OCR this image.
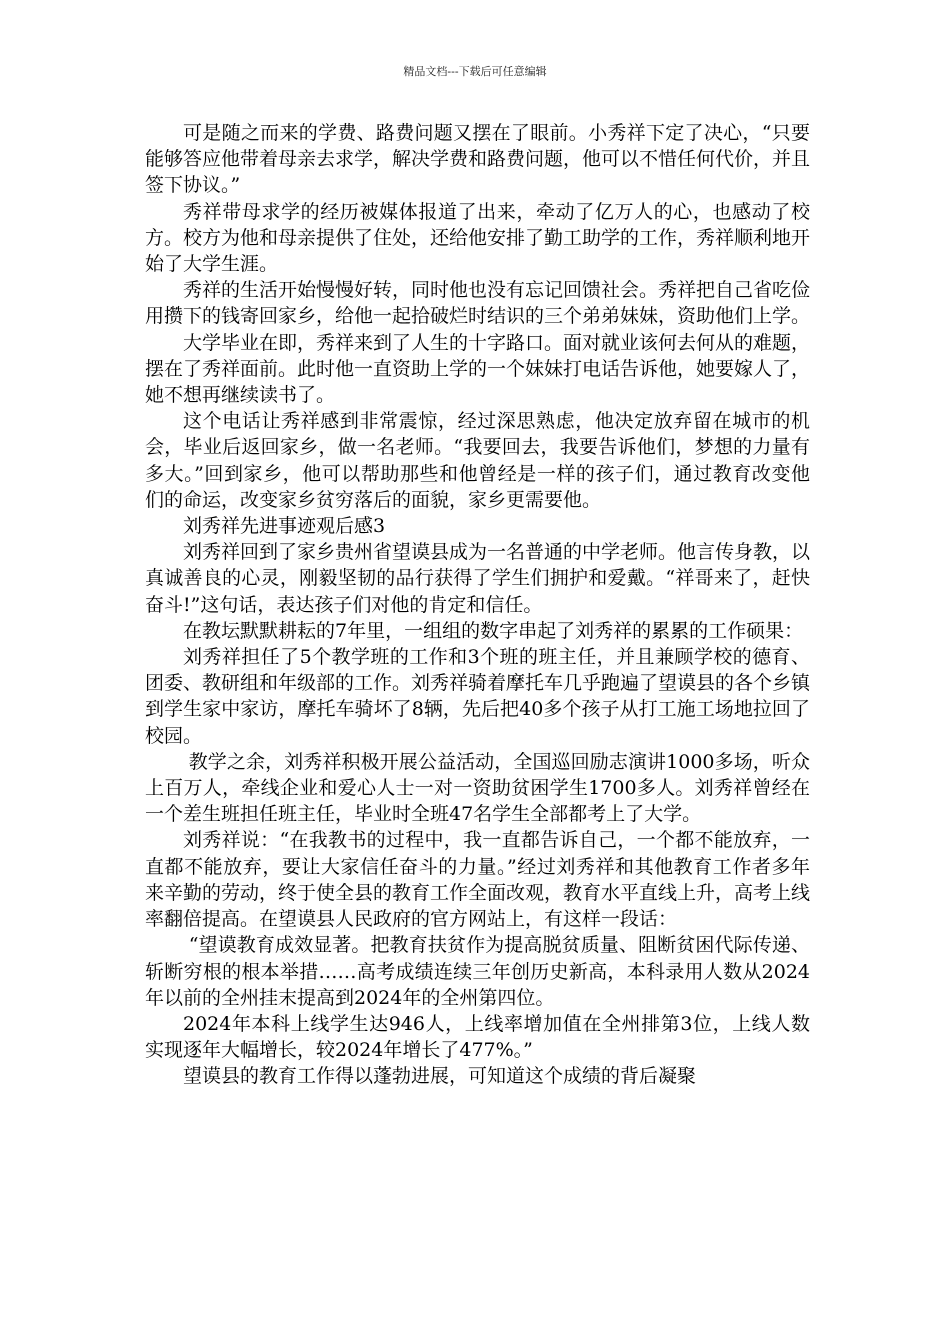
精品文档---下载后可任意编辑

可是随之而来的学费、路费问题又摆在了眼前。小秀祥下定了决心，“只要能够答应他带着母亲去求学，解决学费和路费问题，他可以不惜任何代价，并且签下协议。”

秀祥带母求学的经历被媒体报道了出来，牵动了亿万人的心，也感动了校方。校方为他和母亲提供了住处，还给他安排了勤工助学的工作，秀祥顺利地开始了大学生涯。

秀祥的生活开始慢慢好转，同时他也没有忘记回馈社会。秀祥把自己省吃俭用攒下的钱寄回家乡，给他一起拾破烂时结识的三个弟弟妹妹，资助他们上学。

大学毕业在即，秀祥来到了人生的十字路口。面对就业该何去何从的难题，摆在了秀祥面前。此时他一直资助上学的一个妹妹打电话告诉他，她要嫁人了，她不想再继续读书了。

这个电话让秀祥感到非常震惊，经过深思熟虑，他决定放弃留在城市的机会，毕业后返回家乡，做一名老师。“我要回去，我要告诉他们，梦想的力量有多大。”回到家乡，他可以帮助那些和他曾经是一样的孩子们，通过教育改变他们的命运，改变家乡贫穷落后的面貌，家乡更需要他。

刘秀祥先进事迹观后感3

刘秀祥回到了家乡贵州省望谟县成为一名普通的中学老师。他言传身教，以真诚善良的心灵，刚毅坚韧的品行获得了学生们拥护和爱戴。“祥哥来了，赶快奋斗!”这句话，表达孩子们对他的肯定和信任。

在教坛默默耕耘的7年里，一组组的数字串起了刘秀祥的累累的工作硕果：

刘秀祥担任了5个教学班的工作和3个班的班主任，并且兼顾学校的德育、团委、教研组和年级部的工作。刘秀祥骑着摩托车几乎跑遍了望谟县的各个乡镇到学生家中家访，摩托车骑坏了8辆，先后把40多个孩子从打工施工场地拉回了校园。

教学之余，刘秀祥积极开展公益活动，全国巡回励志演讲1000多场，听众上百万人，牵线企业和爱心人士一对一资助贫困学生1700多人。刘秀祥曾经在一个差生班担任班主任，毕业时全班47名学生全部都考上了大学。

刘秀祥说：“在我教书的过程中，我一直都告诉自己，一个都不能放弃，一直都不能放弃，要让大家信任奋斗的力量。”经过刘秀祥和其他教育工作者多年来辛勤的劳动，终于使全县的教育工作全面改观，教育水平直线上升，高考上线率翻倍提高。在望谟县人民政府的官方网站上，有这样一段话：

“望谟教育成效显著。把教育扶贫作为提高脱贫质量、阻断贫困代际传递、斩断穷根的根本举措……高考成绩连续三年创历史新高，本科录用人数从2024年以前的全州挂末提高到2024年的全州第四位。

2024年本科上线学生达946人，上线率增加值在全州排第3位，上线人数实现逐年大幅增长，较2024年增长了477%。”

望谟县的教育工作得以蓬勃进展，可知道这个成绩的背后凝聚
